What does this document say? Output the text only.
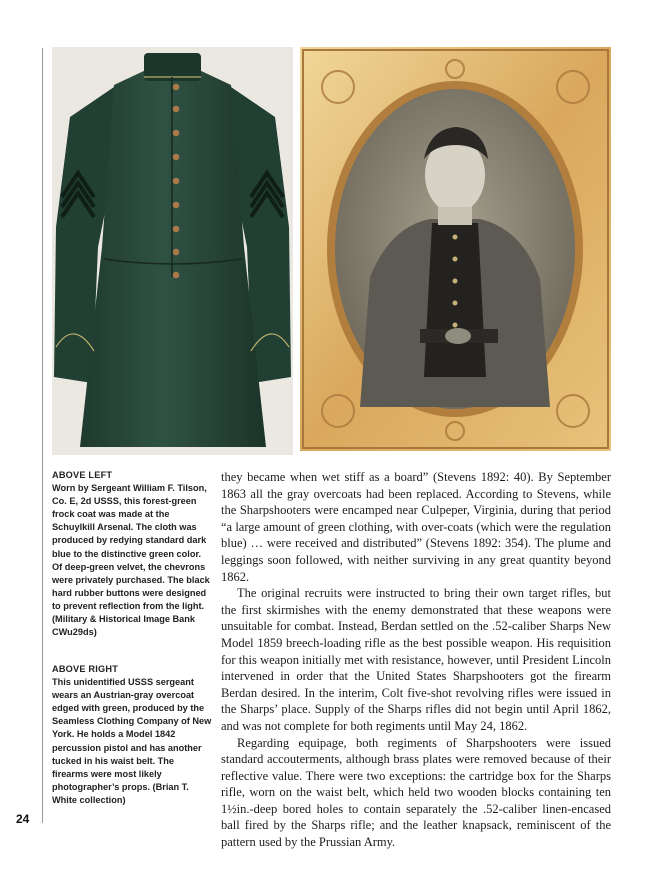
ABOVE LEFT
Worn by Sergeant William F. Tilson, Co. E, 2d USSS, this forest-green frock coat was made at the Schuylkill Arsenal. The cloth was produced by redying standard dark blue to the distinctive green color. Of deep-green velvet, the chevrons were privately purchased. The black hard rubber buttons were designed to prevent reflection from the light. (Military & Historical Image Bank CWu29ds)
ABOVE RIGHT
This unidentified USSS sergeant wears an Austrian-gray overcoat edged with green, produced by the Seamless Clothing Company of New York. He holds a Model 1842 percussion pistol and has another tucked in his waist belt. The firearms were most likely photographer’s props. (Brian T. White collection)

they became when wet stiff as a board” (Stevens 1892: 40). By September 1863 all the gray overcoats had been replaced. According to Stevens, while the Sharpshooters were encamped near Culpeper, Virginia, during that period “a large amount of green clothing, with over-coats (which were the regulation blue) … were received and distributed” (Stevens 1892: 354). The plume and leggings soon followed, with neither surviving in any great quantity beyond 1862.

The original recruits were instructed to bring their own target rifles, but the first skirmishes with the enemy demonstrated that these weapons were unsuitable for combat. Instead, Berdan settled on the .52-caliber Sharps New Model 1859 breech-loading rifle as the best possible weapon. His requisition for this weapon initially met with resistance, however, until President Lincoln intervened in order that the United States Sharpshooters got the firearm Berdan desired. In the interim, Colt five-shot revolving rifles were issued in the Sharps’ place. Supply of the Sharps rifles did not begin until April 1862, and was not complete for both regiments until May 24, 1862.

Regarding equipage, both regiments of Sharpshooters were issued standard accouterments, although brass plates were removed because of their reflective value. There were two exceptions: the cartridge box for the Sharps rifle, worn on the waist belt, which held two wooden blocks containing ten 1½in.-deep bored holes to contain separately the .52-caliber linen-encased ball fired by the Sharps rifle; and the leather knapsack, reminiscent of the pattern used by the Prussian Army.

24
